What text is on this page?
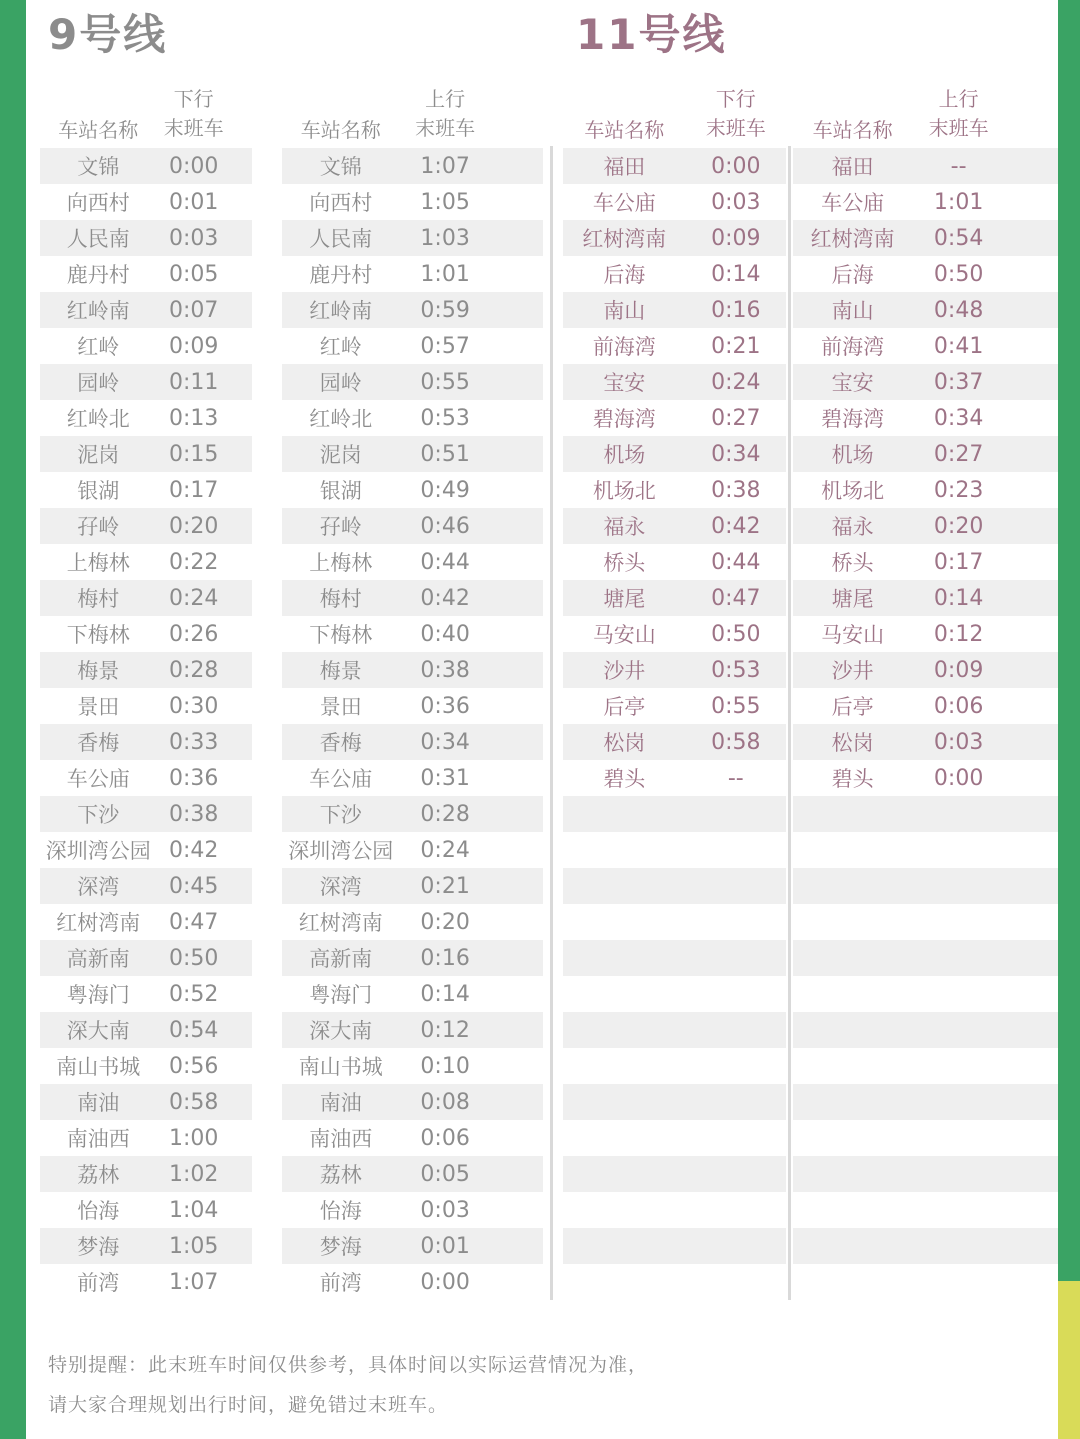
9号线	11号线
车站名称
下行
末班车
文锦	0:00
向西村	0:01
人民南	0:03
鹿丹村	0:05
红岭南	0:07
红岭	0:09
园岭	0:11
红岭北	0:13
泥岗	0:15
银湖	0:17
孖岭	0:20
上梅林	0:22
梅村	0:24
下梅林	0:26
梅景	0:28
景田	0:30
香梅	0:33
车公庙	0:36
下沙	0:38
深圳湾公园 0:42
深湾	0:45
红树湾南	0:47
高新南	0:50
粤海门	0:52
深大南	0:54
南山书城	0:56
南油	0:58
南油西	1:00
荔林	1:02
怡海	1:04
梦海	1:05
前湾	1:07
车站名称
上行
末班车
文锦	1:07
向西村	1:05
人民南	1:03
鹿丹村	1:01
红岭南	0:59
红岭	0:57
园岭	0:55
红岭北	0:53
泥岗	0:51
银湖	0:49
孖岭	0:46
上梅林	0:44
梅村	0:42
下梅林	0:40
梅景	0:38
景田	0:36
香梅	0:34
车公庙	0:31
下沙	0:28
深圳湾公园	0:24
深湾	0:21
红树湾南	0:20
高新南	0:16
粤海门	0:14
深大南	0:12
南山书城	0:10
南油	0:08
南油西	0:06
荔林	0:05
怡海	0:03
梦海	0:01
前湾	0:00
车站名称
下行
末班车
福田	0:00
车公庙	0:03
红树湾南	0:09
后海	0:14
南山	0:16
前海湾	0:21
宝安	0:24
碧海湾	0:27
机场	0:34
机场北	0:38
福永	0:42
桥头	0:44
塘尾	0:47
马安山	0:50
沙井	0:53
后亭	0:55
松岗	0:58
碧头	--
车站名称
上行
末班车
福田	--
车公庙	1:01
红树湾南	0:54
后海	0:50
南山	0:48
前海湾	0:41
宝安	0:37
碧海湾	0:34
机场	0:27
机场北	0:23
福永	0:20
桥头	0:17
塘尾	0:14
马安山	0:12
沙井	0:09
后亭	0:06
松岗	0:03
碧头	0:00

特别提醒：此末班车时间仅供参考，具体时间以实际运营情况为准，

请大家合理规划出行时间，避免错过末班车。
